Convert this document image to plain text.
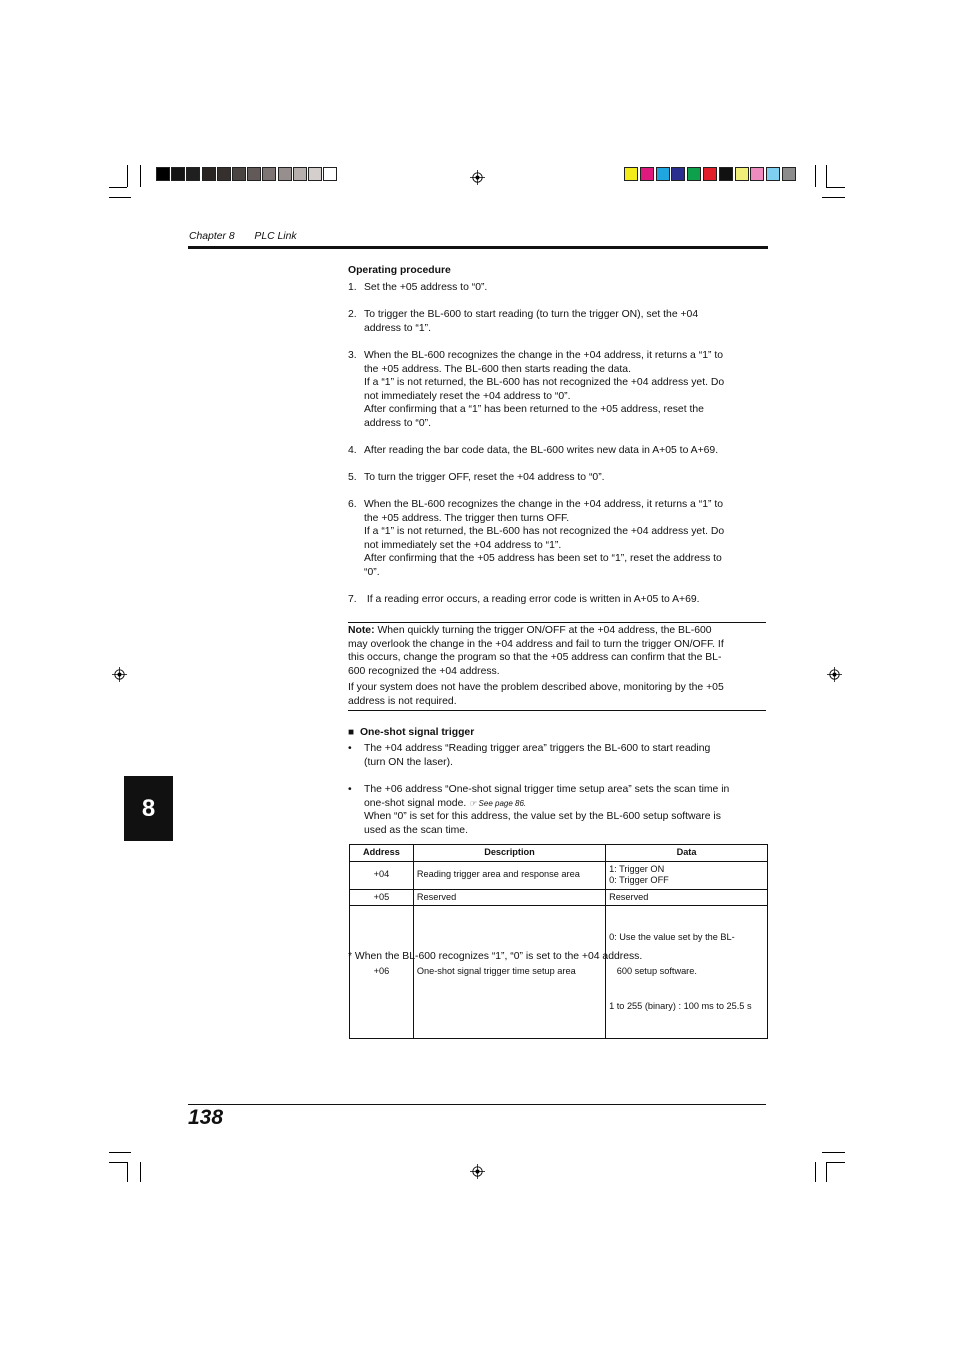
Chapter 8 PLC Link
8
Operating procedure
1. Set the +05 address to “0”.

2. To trigger the BL-600 to start reading (to turn the trigger ON), set the +04

address to “1”.

3. When the BL-600 recognizes the change in the +04 address, it returns a “1” to

the +05 address. The BL-600 then starts reading the data.

If a “1” is not returned, the BL-600 has not recognized the +04 address yet. Do

not immediately reset the +04 address to “0”.

After confirming that a “1” has been returned to the +05 address, reset the

address to “0”.

4. After reading the bar code data, the BL-600 writes new data in A+05 to A+69.

5. To turn the trigger OFF, reset the +04 address to “0”.

6. When the BL-600 recognizes the change in the +04 address, it returns a “1” to

the +05 address. The trigger then turns OFF.

If a “1” is not returned, the BL-600 has not recognized the +04 address yet. Do

not immediately set the +04 address to “1”.

After confirming that the +05 address has been set to “1”, reset the address to

“0”.

7. If a reading error occurs, a reading error code is written in A+05 to A+69.

Note: When quickly turning the trigger ON/OFF at the +04 address, the BL-600

may overlook the change in the +04 address and fail to turn the trigger ON/OFF. If

this occurs, change the program so that the +05 address can confirm that the BL-

600 recognized the +04 address.

If your system does not have the problem described above, monitoring by the +05

address is not required.

■ One-shot signal trigger
• The +04 address “Reading trigger area” triggers the BL-600 to start reading

(turn ON the laser).

• The +06 address “One-shot signal trigger time setup area” sets the scan time in

one-shot signal mode. ☞ See page 86.

When “0” is set for this address, the value set by the BL-600 setup software is

used as the scan time.

Address	Description	Data
+04	Reading trigger area and response area	1: Trigger ON
0: Trigger OFF

+05	Reserved	Reserved

+06	One-shot signal trigger time setup area	0: Use the value set by the BL-

600 setup software.

1 to 255 (binary) : 100 ms to 25.5 s

* When the BL-600 recognizes “1”, “0” is set to the +04 address.
138
